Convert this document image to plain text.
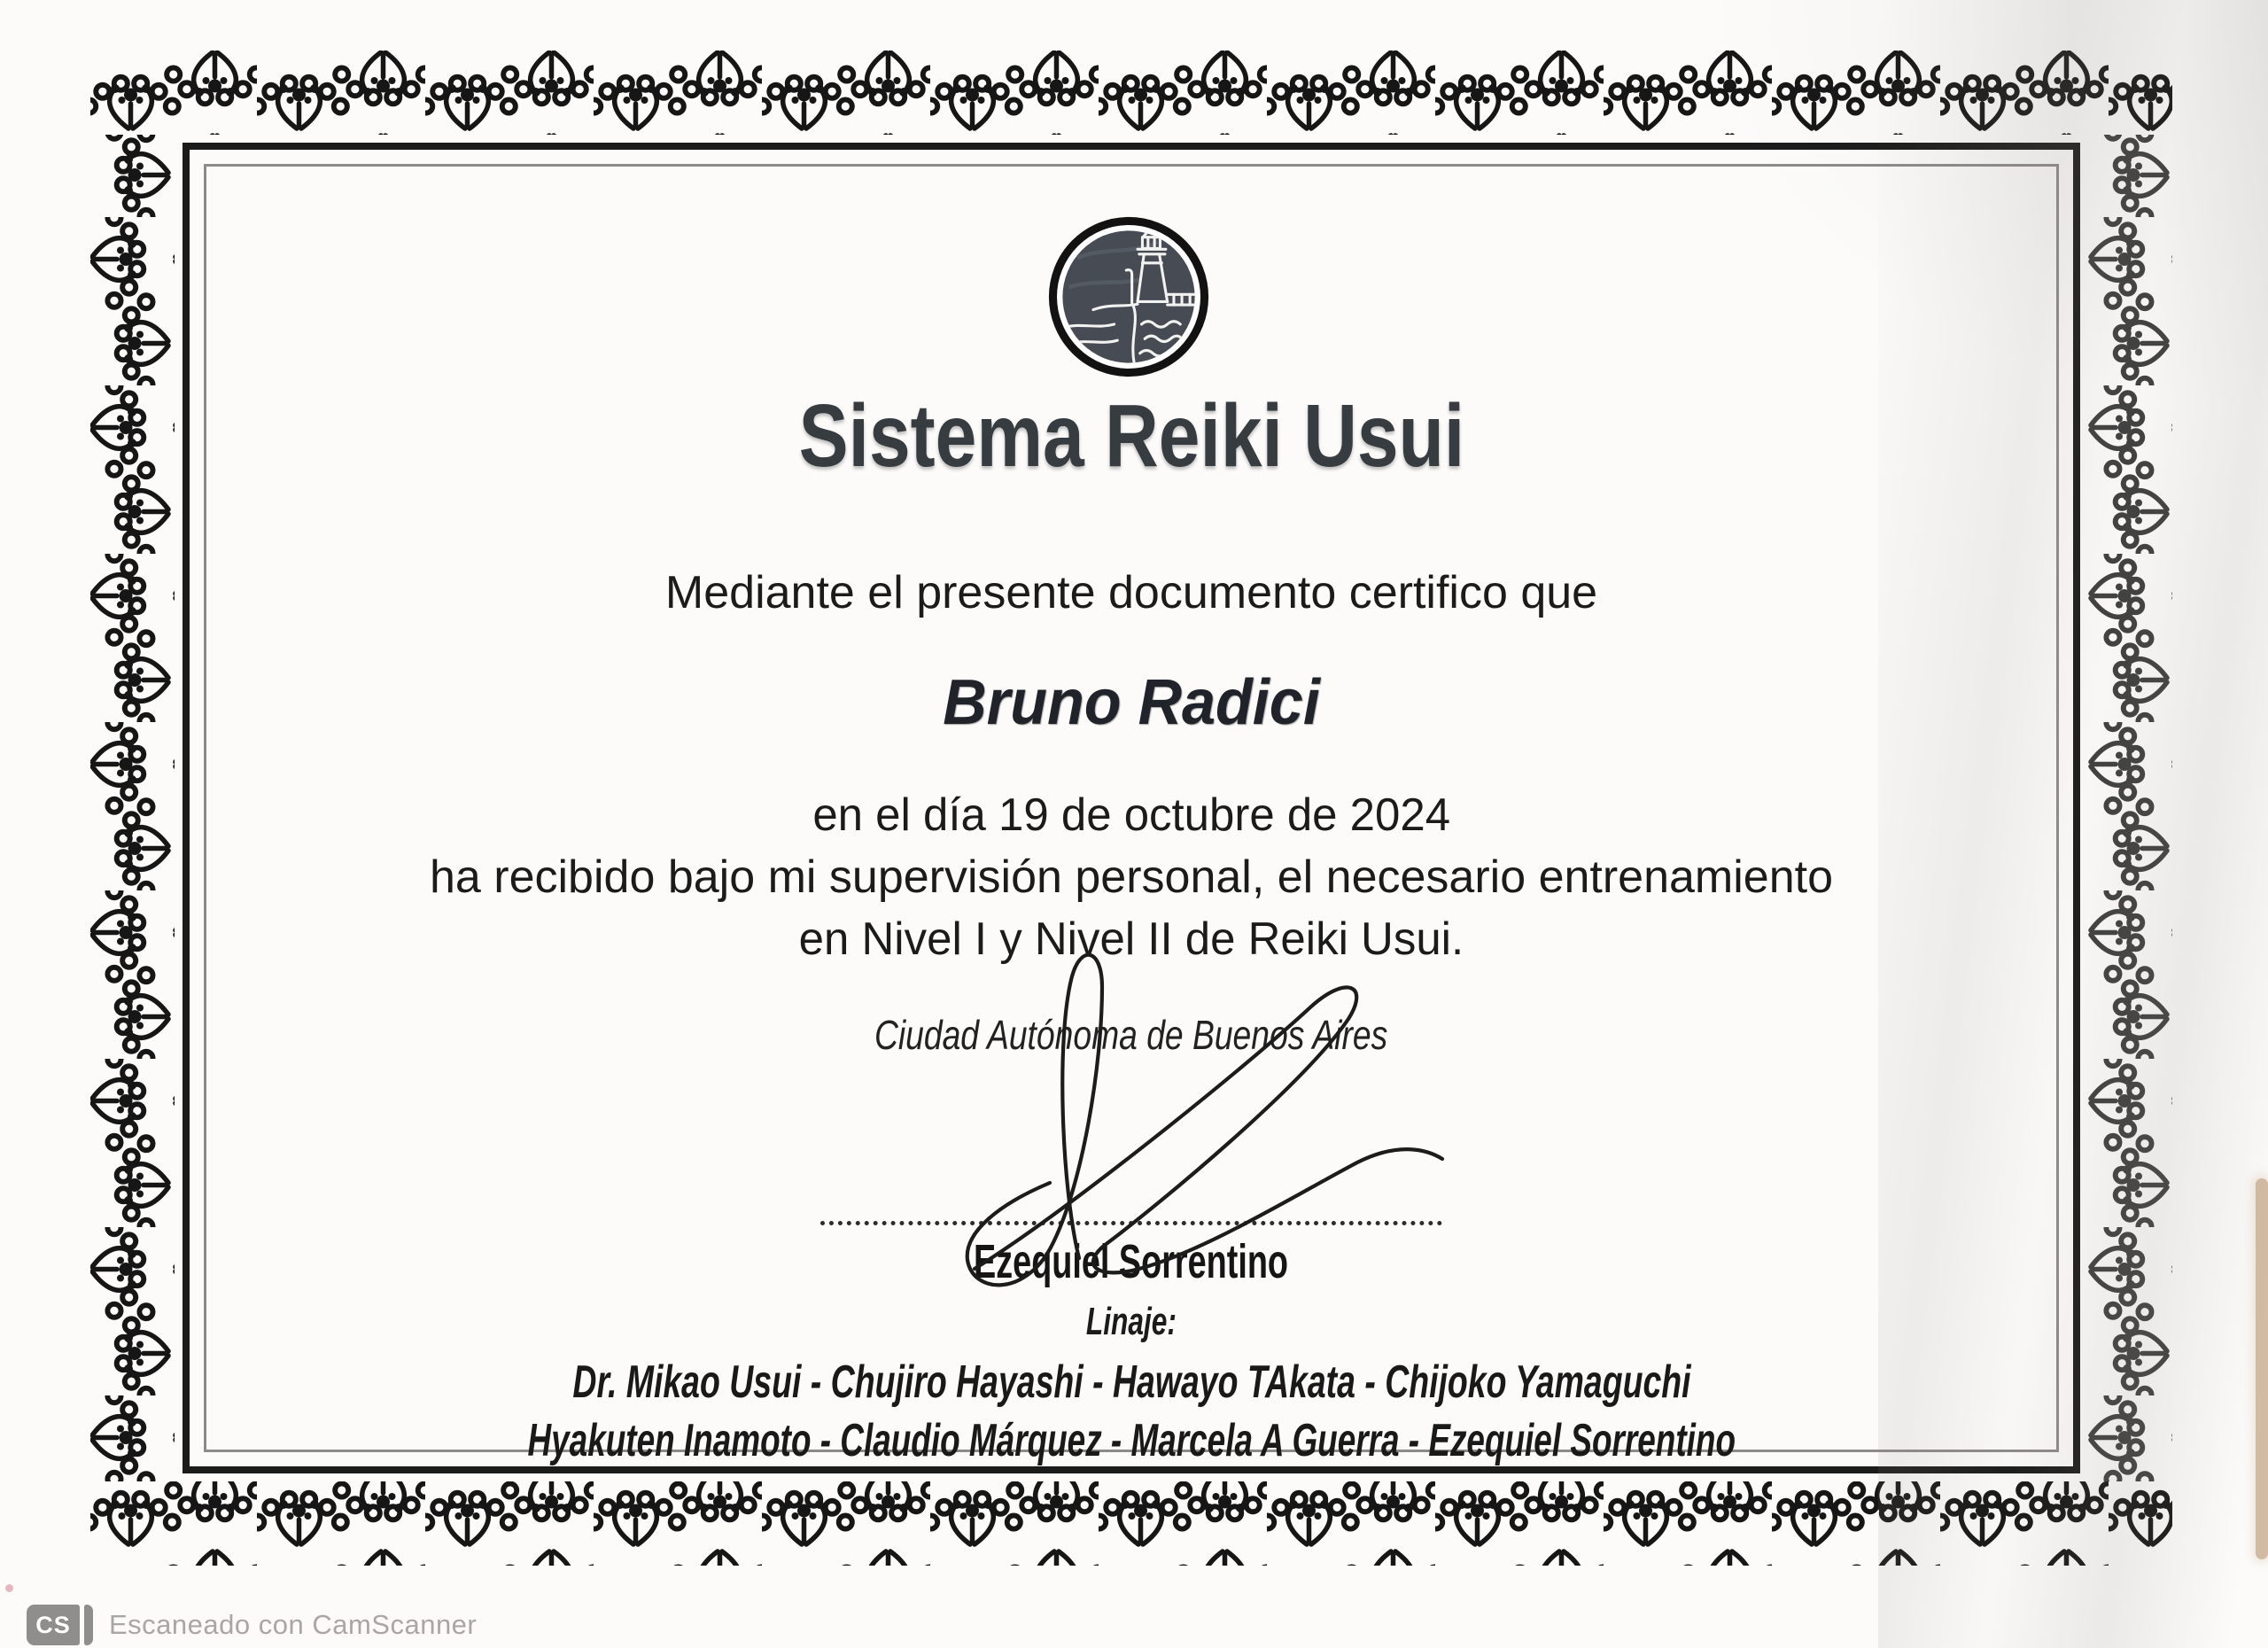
Sistema Reiki Usui

Mediante el presente documento certifico que

Bruno Radici

en el día 19 de octubre de 2024

ha recibido bajo mi supervisión personal, el necesario entrenamiento

en Nivel I y Nivel II de Reiki Usui.

Ciudad Autónoma de Buenos Aires

Ezequiel Sorrentino

Linaje:

Dr. Mikao Usui - Chujiro Hayashi - Hawayo TAkata - Chijoko Yamaguchi

Hyakuten Inamoto - Claudio Márquez - Marcela A Guerra - Ezequiel Sorrentino

CS Escaneado con CamScanner
